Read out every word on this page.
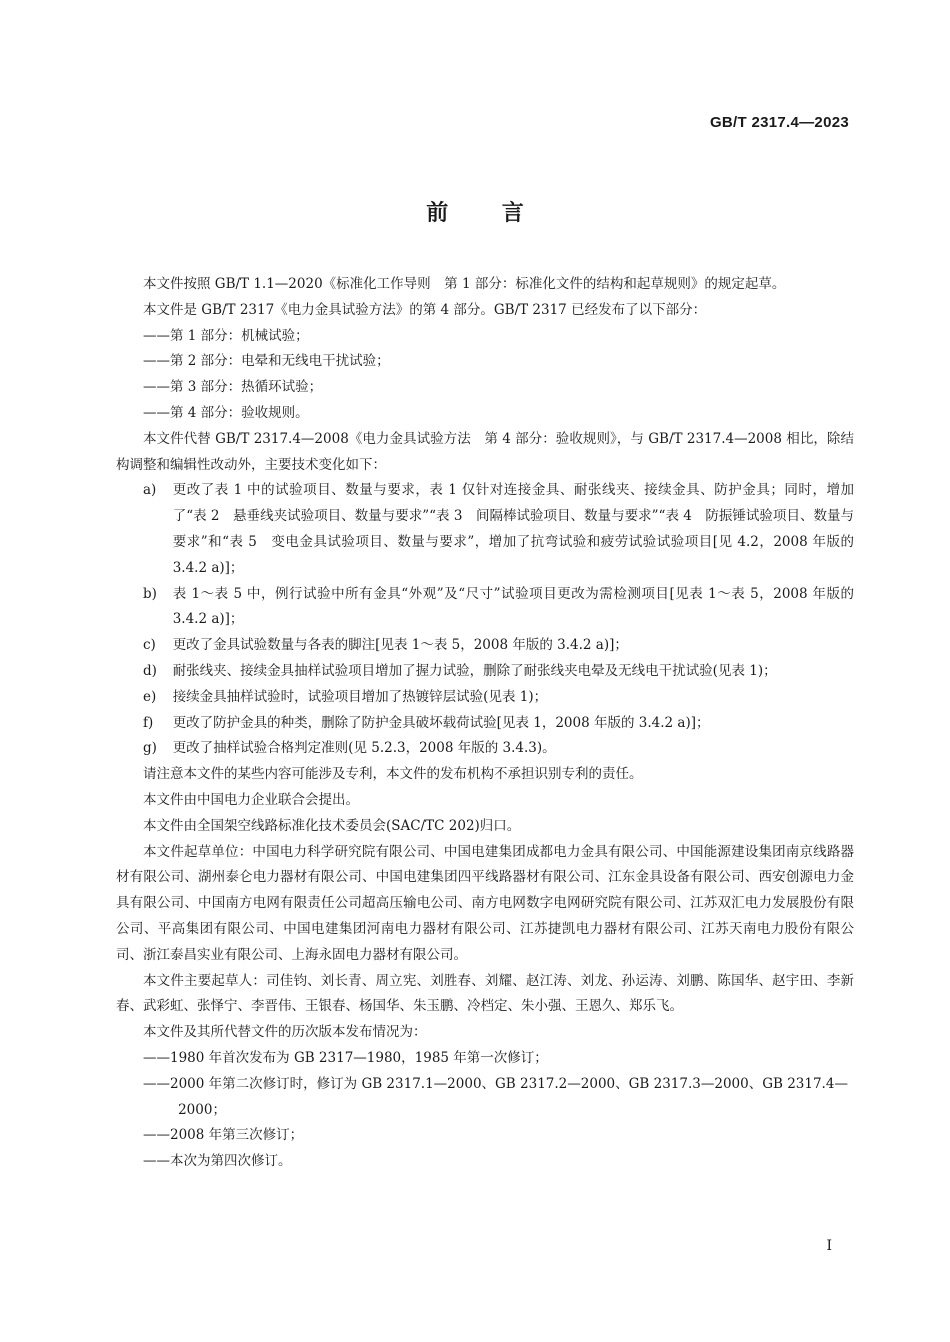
GB/T 2317.4—2023
前       言

本文件按照 GB/T 1.1—2020《标准化工作导则　第 1 部分：标准化文件的结构和起草规则》的规定起草。

本文件是 GB/T 2317《电力金具试验方法》的第 4 部分。GB/T 2317 已经发布了以下部分：

——第 1 部分：机械试验；

——第 2 部分：电晕和无线电干扰试验；

——第 3 部分：热循环试验；

——第 4 部分：验收规则。

本文件代替 GB/T 2317.4—2008《电力金具试验方法　第 4 部分：验收规则》，与 GB/T 2317.4—2008 相比，除结构调整和编辑性改动外，主要技术变化如下：

a)	更改了表 1 中的试验项目、数量与要求，表 1 仅针对连接金具、耐张线夹、接续金具、防护金具；同时，增加了“表 2　悬垂线夹试验项目、数量与要求”“表 3　间隔棒试验项目、数量与要求”“表 4　防振锤试验项目、数量与要求”和“表 5　变电金具试验项目、数量与要求”，增加了抗弯试验和疲劳试验试验项目[见 4.2，2008 年版的 3.4.2 a)]；
b)	表 1～表 5 中，例行试验中所有金具“外观”及“尺寸”试验项目更改为需检测项目[见表 1～表 5，2008 年版的 3.4.2 a)]；
c)	更改了金具试验数量与各表的脚注[见表 1～表 5，2008 年版的 3.4.2 a)]；
d)	耐张线夹、接续金具抽样试验项目增加了握力试验，删除了耐张线夹电晕及无线电干扰试验(见表 1)；
e)	接续金具抽样试验时，试验项目增加了热镀锌层试验(见表 1)；
f)	更改了防护金具的种类，删除了防护金具破坏载荷试验[见表 1，2008 年版的 3.4.2 a)]；
g)	更改了抽样试验合格判定准则(见 5.2.3，2008 年版的 3.4.3)。

请注意本文件的某些内容可能涉及专利，本文件的发布机构不承担识别专利的责任。

本文件由中国电力企业联合会提出。

本文件由全国架空线路标准化技术委员会(SAC/TC 202)归口。

本文件起草单位：中国电力科学研究院有限公司、中国电建集团成都电力金具有限公司、中国能源建设集团南京线路器材有限公司、湖州泰仑电力器材有限公司、中国电建集团四平线路器材有限公司、江东金具设备有限公司、西安创源电力金具有限公司、中国南方电网有限责任公司超高压输电公司、南方电网数字电网研究院有限公司、江苏双汇电力发展股份有限公司、平高集团有限公司、中国电建集团河南电力器材有限公司、江苏捷凯电力器材有限公司、江苏天南电力股份有限公司、浙江泰昌实业有限公司、上海永固电力器材有限公司。

本文件主要起草人：司佳钧、刘长青、周立宪、刘胜春、刘耀、赵江涛、刘龙、孙运涛、刘鹏、陈国华、赵宇田、李新春、武彩虹、张怿宁、李晋伟、王银春、杨国华、朱玉鹏、冷档定、朱小强、王恩久、郑乐飞。

本文件及其所代替文件的历次版本发布情况为：

——1980 年首次发布为 GB 2317—1980，1985 年第一次修订；

——2000 年第二次修订时，修订为 GB 2317.1—2000、GB 2317.2—2000、GB 2317.3—2000、GB 2317.4—2000；

——2008 年第三次修订；

——本次为第四次修订。

I
